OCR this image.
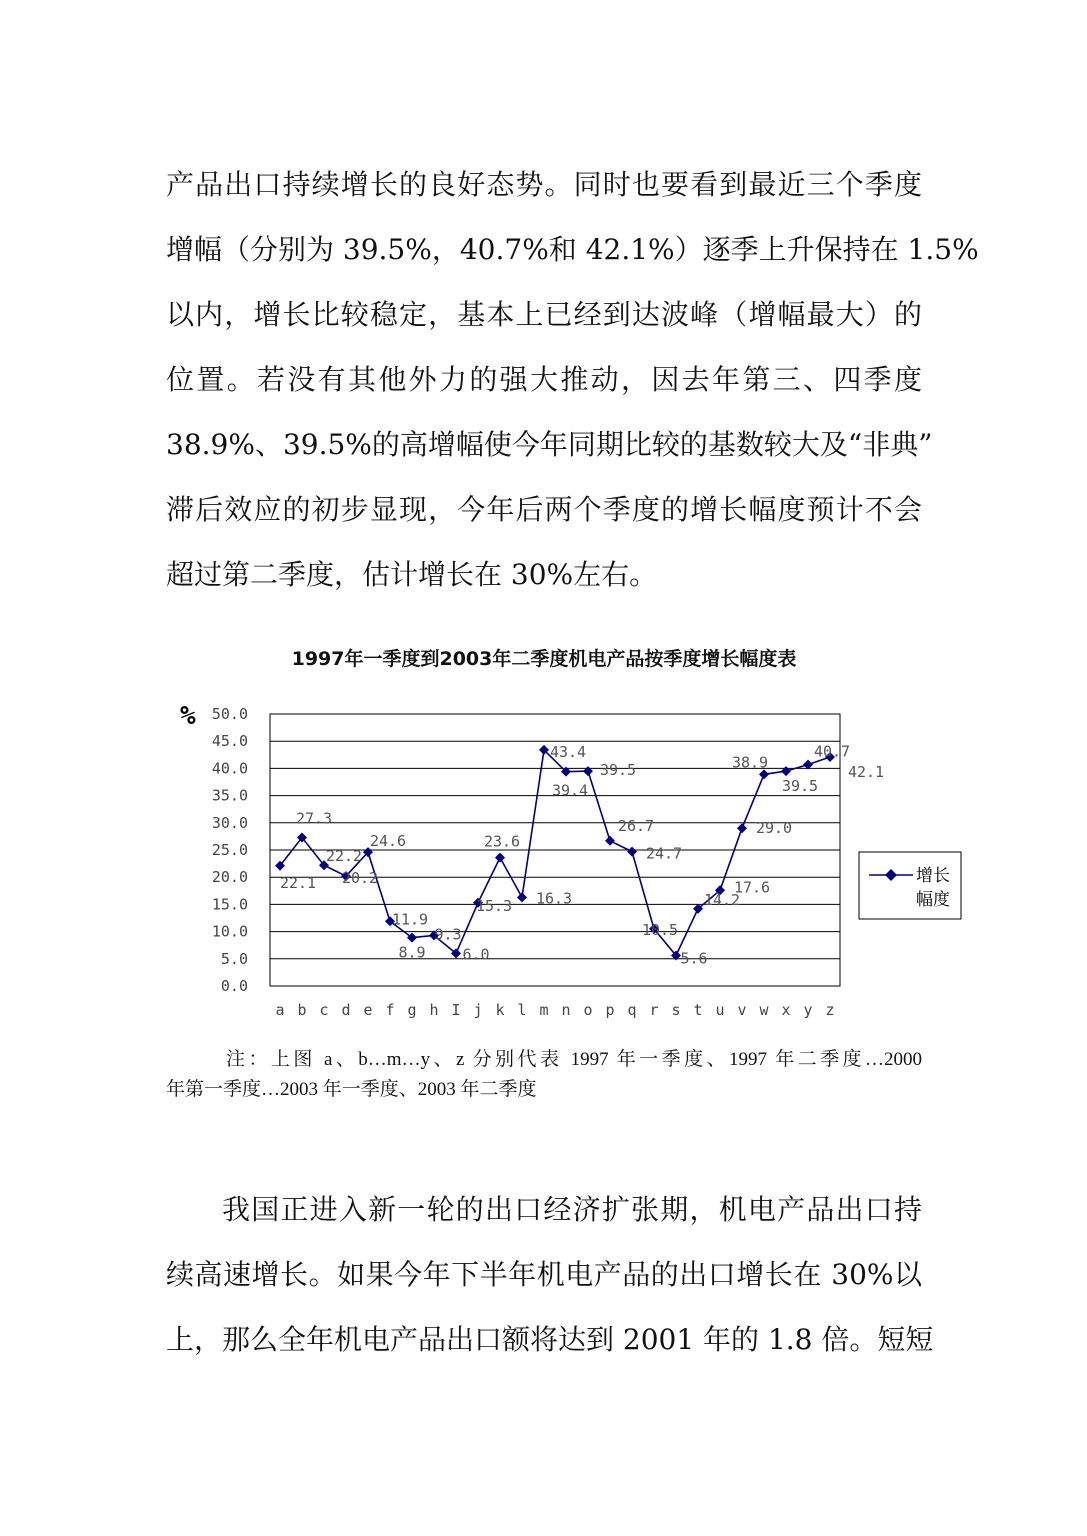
产品出口持续增长的良好态势。同时也要看到最近三个季度
增幅（分别为 39.5%，40.7%和 42.1%）逐季上升保持在 1.5%
以内，增长比较稳定，基本上已经到达波峰（增幅最大）的
位置。若没有其他外力的强大推动，因去年第三、四季度
38.9%、39.5%的高增幅使今年同期比较的基数较大及“非典”
滞后效应的初步显现，今年后两个季度的增长幅度预计不会
超过第二季度，估计增长在 30%左右。
1997年一季度到2003年二季度机电产品按季度增长幅度表
%
0.0
5.0
10.0
15.0
20.0
25.0
30.0
35.0
40.0
45.0
50.0
a b c d e f g h I j k l m n o p q r s t u v w x y z
22.1
27.3
22.2
20.2
24.6
11.9
8.9
9.3
6.0
15.3
23.6
16.3
43.4
39.4
39.5
26.7
24.7
10.5
5.6
14.2
17.6
29.0
38.9
39.5
40.7
42.1
增长
幅度
注：上图 a、b…m…y、z 分别代表 1997 年一季度、1997 年二季度…2000
年第一季度…2003 年一季度、2003 年二季度
我国正进入新一轮的出口经济扩张期，机电产品出口持
续高速增长。如果今年下半年机电产品的出口增长在 30%以
上，那么全年机电产品出口额将达到 2001 年的 1.8 倍。短短
